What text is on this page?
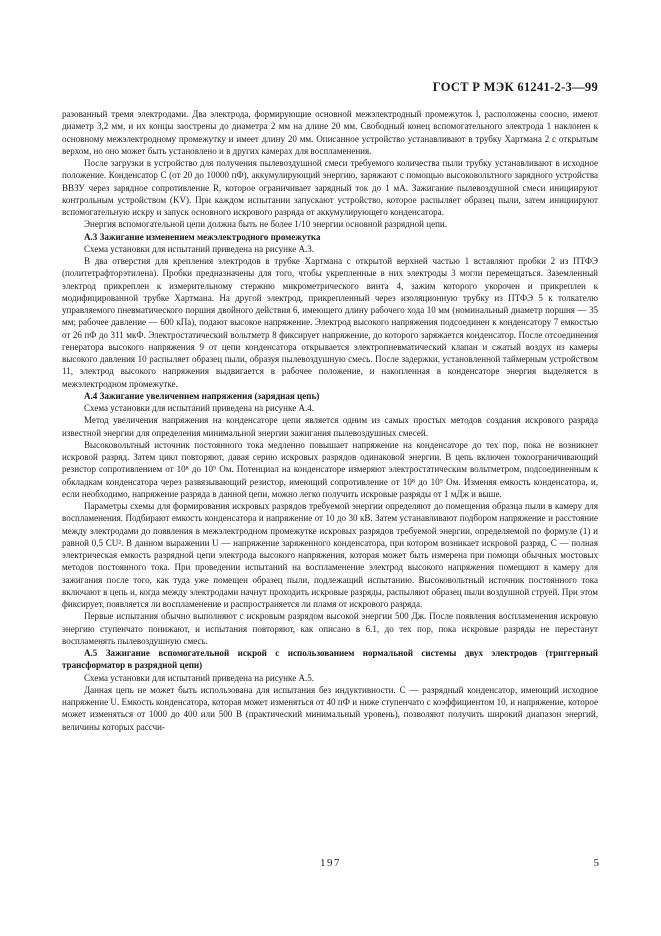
ГОСТ Р МЭК 61241-2-3—99

разованный тремя электродами. Два электрода, формирующие основной межэлектродный промежуток l, расположены соосно, имеют диаметр 3,2 мм, и их концы заострены до диаметра 2 мм на длине 20 мм. Свободный конец вспомогательного электрода 1 наклонен к основному межэлектродному промежутку и имеет длину 20 мм. Описанное устройство устанавливают в трубку Хартмана 2 с открытым верхом, но оно может быть установлено и в других камерах для воспламенения.

После загрузки в устройство для получения пылевоздушной смеси требуемого количества пыли трубку устанавливают в исходное положение. Конденсатор C (от 20 до 10000 пФ), аккумулирующий энергию, заряжают с помощью высоковольтного зарядного устройства ВВЗУ через зарядное сопротивление R, которое ограничивает зарядный ток до 1 мА. Зажигание пылевоздушной смеси инициируют контрольным устройством (KV). При каждом испытании запускают устройство, которое распыляет образец пыли, затем инициируют вспомогательную искру и запуск основного искрового разряда от аккумулирующего конденсатора.

Энергия вспомогательной цепи должна быть не более 1/10 энергии основной разрядной цепи.

А.3 Зажигание изменением межэлектродного промежутка

Схема установки для испытаний приведена на рисунке А.3.

В два отверстия для крепления электродов в трубке Хартмана с открытой верхней частью 1 вставляют пробки 2 из ПТФЭ (политетрафторэтилена). Пробки предназначены для того, чтобы укрепленные в них электроды 3 могли перемещаться. Заземленный электрод прикреплен к измерительному стержню микрометрического винта 4, зажим которого укорочен и прикреплен к модифицированной трубке Хартмана. На другой электрод, прикрепленный через изоляционную трубку из ПТФЭ 5 к толкателю управляемого пневматического поршня двойного действия 6, имеющего длину рабочего хода 10 мм (номинальный диаметр поршня — 35 мм; рабочее давление — 600 кПа), подают высокое напряжение. Электрод высокого напряжения подсоединен к конденсатору 7 емкостью от 26 пФ до 311 мкФ. Электростатический вольтметр 8 фиксирует напряжение, до которого заряжается конденсатор. После отсоединения генератора высокого напряжения 9 от цепи конденсатора открывается электропневматический клапан и сжатый воздух из камеры высокого давления 10 распыляет образец пыли, образуя пылевоздушную смесь. После задержки, установленной таймерным устройством 11, электрод высокого напряжения выдвигается в рабочее положение, и накопленная в конденсаторе энергия выделяется в межэлектродном промежутке.

А.4 Зажигание увеличением напряжения (зарядная цепь)

Схема установки для испытаний приведена на рисунке А.4.

Метод увеличения напряжения на конденсаторе цепи является одним из самых простых методов создания искрового разряда известной энергии для определения минимальной энергии зажигания пылевоздушных смесей.

Высоковольтный источник постоянного тока медленно повышает напряжение на конденсаторе до тех пор, пока не возникнет искровой разряд. Затем цикл повторяют, давая серию искровых разрядов одинаковой энергии. В цепь включен токоограничивающий резистор сопротивлением от 10⁸ до 10⁹ Ом. Потенциал на конденсаторе измеряют электростатическим вольтметром, подсоединенным к обкладкам конденсатора через развязывающий резистор, имеющий сопротивление от 10⁸ до 10⁹ Ом. Изменяя емкость конденсатора, и, если необходимо, напряжение разряда в данной цепи, можно легко получить искровые разряды от 1 мДж и выше.

Параметры схемы для формирования искровых разрядов требуемой энергии определяют до помещения образца пыли в камеру для воспламенения. Подбирают емкость конденсатора и напряжение от 10 до 30 кВ. Затем устанавливают подбором напряжение и расстояние между электродами до появления в межэлектродном промежутке искровых разрядов требуемой энергии, определяемой по формуле (1) и равной 0,5 CU². В данном выражении U — напряжение заряженного конденсатора, при котором возникает искровой разряд, C — полная электрическая емкость разрядной цепи электрода высокого напряжения, которая может быть измерена при помощи обычных мостовых методов постоянного тока. При проведении испытаний на воспламенение электрод высокого напряжения помещают в камеру для зажигания после того, как туда уже помещен образец пыли, подлежащий испытанию. Высоковольтный источник постоянного тока включают в цепь и, когда между электродами начнут проходить искровые разряды, распыляют образец пыли воздушной струей. При этом фиксирует, появляется ли воспламенение и распространяется ли пламя от искрового разряда.

Первые испытания обычно выполняют с искровым разрядом высокой энергии 500 Дж. После появления воспламенения искровую энергию ступенчато понижают, и испытания повторяют, как описано в 6.1, до тех пор, пока искровые разряды не перестанут воспламенять пылевоздушную смесь.

А.5 Зажигание вспомогательной искрой с использованием нормальной системы двух электродов (триггерный трансформатор в разрядной цепи)

Схема установки для испытаний приведена на рисунке А.5.

Данная цепь не может быть использована для испытания без индуктивности. C — разрядный конденсатор, имеющий исходное напряжение U. Емкость конденсатора, которая может изменяться от 40 пФ и ниже ступенчато с коэффициентом 10, и напряжение, которое может изменяться от 1000 до 400 или 500 В (практический минимальный уровень), позволяют получить широкий диапазон энергий, величины которых рассчи-

197	5
